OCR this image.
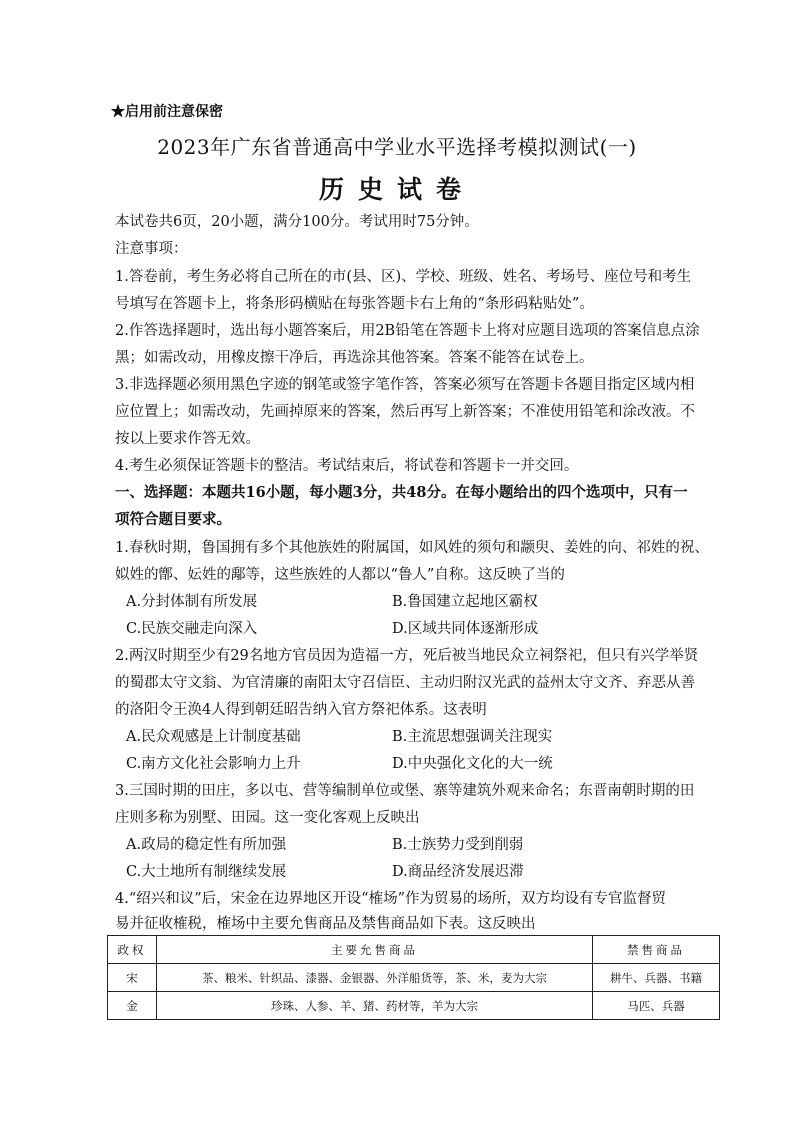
★启用前注意保密
2023年广东省普通高中学业水平选择考模拟测试(一)
历史试卷
本试卷共6页，20小题，满分100分。考试用时75分钟。
注意事项：
1.答卷前，考生务必将自己所在的市(县、区)、学校、班级、姓名、考场号、座位号和考生
号填写在答题卡上，将条形码横贴在每张答题卡右上角的“条形码粘贴处”。
2.作答选择题时，选出每小题答案后，用2B铅笔在答题卡上将对应题目选项的答案信息点涂
黑；如需改动，用橡皮擦干净后，再选涂其他答案。答案不能答在试卷上。
3.非选择题必须用黑色字迹的钢笔或签字笔作答，答案必须写在答题卡各题目指定区域内相
应位置上；如需改动，先画掉原来的答案，然后再写上新答案；不准使用铅笔和涂改液。不
按以上要求作答无效。
4.考生必须保证答题卡的整洁。考试结束后，将试卷和答题卡一并交回。
一、选择题：本题共16小题，每小题3分，共48分。在每小题给出的四个选项中，只有一
项符合题目要求。
1.春秋时期，鲁国拥有多个其他族姓的附属国，如风姓的须句和颛臾、姜姓的向、祁姓的祝、
姒姓的鄫、妘姓的鄅等，这些族姓的人都以“鲁人”自称。这反映了当的
A.分封体制有所发展	B.鲁国建立起地区霸权
C.民族交融走向深入	D.区域共同体逐渐形成
2.两汉时期至少有29名地方官员因为造福一方，死后被当地民众立祠祭祀，但只有兴学举贤
的蜀郡太守文翁、为官清廉的南阳太守召信臣、主动归附汉光武的益州太守文齐、弃恶从善
的洛阳令王涣4人得到朝廷昭告纳入官方祭祀体系。这表明
A.民众观感是上计制度基础	B.主流思想强调关注现实
C.南方文化社会影响力上升	D.中央强化文化的大一统
3.三国时期的田庄，多以屯、营等编制单位或堡、寨等建筑外观来命名；东晋南朝时期的田
庄则多称为别墅、田园。这一变化客观上反映出
A.政局的稳定性有所加强	B.士族势力受到削弱
C.大土地所有制继续发展	D.商品经济发展迟滞
4.“绍兴和议”后，宋金在边界地区开设“榷场”作为贸易的场所，双方均设有专官监督贸
易并征收榷税，榷场中主要允售商品及禁售商品如下表。这反映出
政权	主要允售商品	禁售商品
宋	茶、粮米、针织品、漆器、金银器、外洋船货等，茶、米，麦为大宗	耕牛、兵器、书籍
金	珍珠、人参、羊、猪、药材等，羊为大宗	马匹、兵器
